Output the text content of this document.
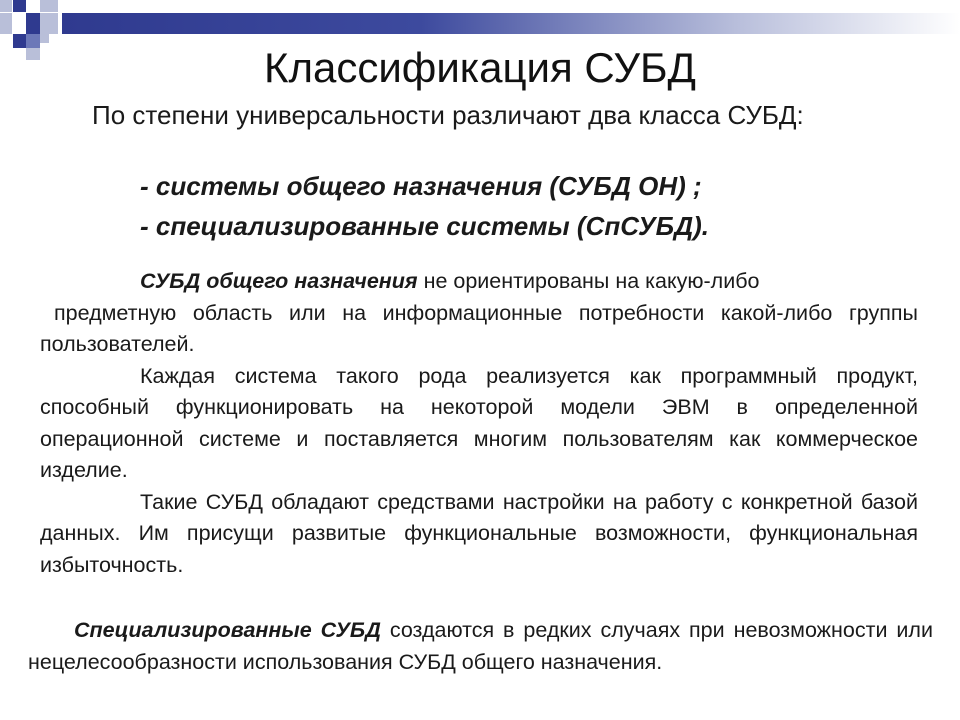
Классификация СУБД

По степени универсальности различают два класса СУБД:

- системы общего назначения (СУБД ОН) ;

- специализированные системы (СпСУБД).

СУБД общего назначения не ориентированы на какую-либо
предметную область или на информационные потребности какой-либо группы пользователей.
Каждая система такого рода реализуется как программный продукт, способный функционировать на некоторой модели ЭВМ в определенной операционной системе и поставляется многим пользователям как коммерческое изделие.
Такие СУБД обладают средствами настройки на работу с конкретной базой данных. Им присущи развитые функциональные возможности, функциональная избыточность.

Специализированные СУБД создаются в редких случаях при невозможности или нецелесообразности использования СУБД общего назначения.
